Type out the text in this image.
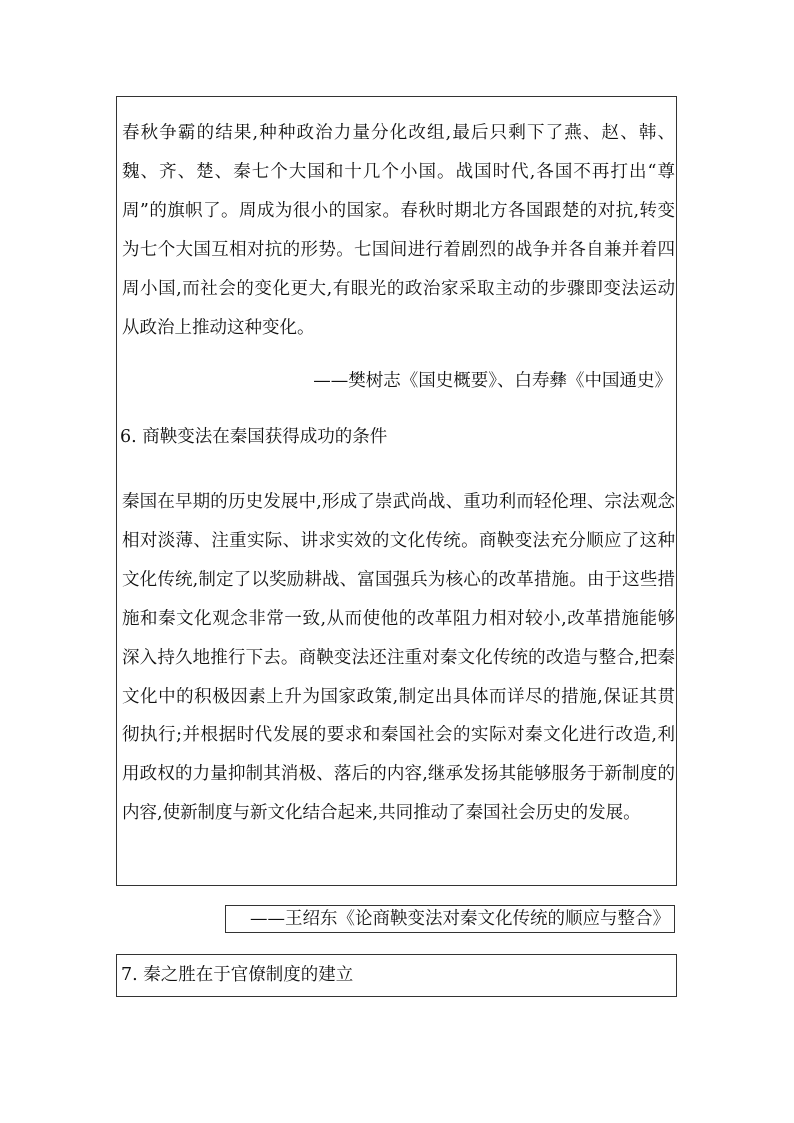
春秋争霸的结果,种种政治力量分化改组,最后只剩下了燕、赵、韩、魏、齐、楚、秦七个大国和十几个小国。战国时代,各国不再打出“尊周”的旗帜了。周成为很小的国家。春秋时期北方各国跟楚的对抗,转变为七个大国互相对抗的形势。七国间进行着剧烈的战争并各自兼并着四周小国,而社会的变化更大,有眼光的政治家采取主动的步骤即变法运动从政治上推动这种变化。
——樊树志《国史概要》、白寿彝《中国通史》
6. 商鞅变法在秦国获得成功的条件
秦国在早期的历史发展中,形成了崇武尚战、重功利而轻伦理、宗法观念相对淡薄、注重实际、讲求实效的文化传统。商鞅变法充分顺应了这种文化传统,制定了以奖励耕战、富国强兵为核心的改革措施。由于这些措施和秦文化观念非常一致,从而使他的改革阻力相对较小,改革措施能够深入持久地推行下去。商鞅变法还注重对秦文化传统的改造与整合,把秦文化中的积极因素上升为国家政策,制定出具体而详尽的措施,保证其贯彻执行;并根据时代发展的要求和秦国社会的实际对秦文化进行改造,利用政权的力量抑制其消极、落后的内容,继承发扬其能够服务于新制度的内容,使新制度与新文化结合起来,共同推动了秦国社会历史的发展。
——王绍东《论商鞅变法对秦文化传统的顺应与整合》
7. 秦之胜在于官僚制度的建立
